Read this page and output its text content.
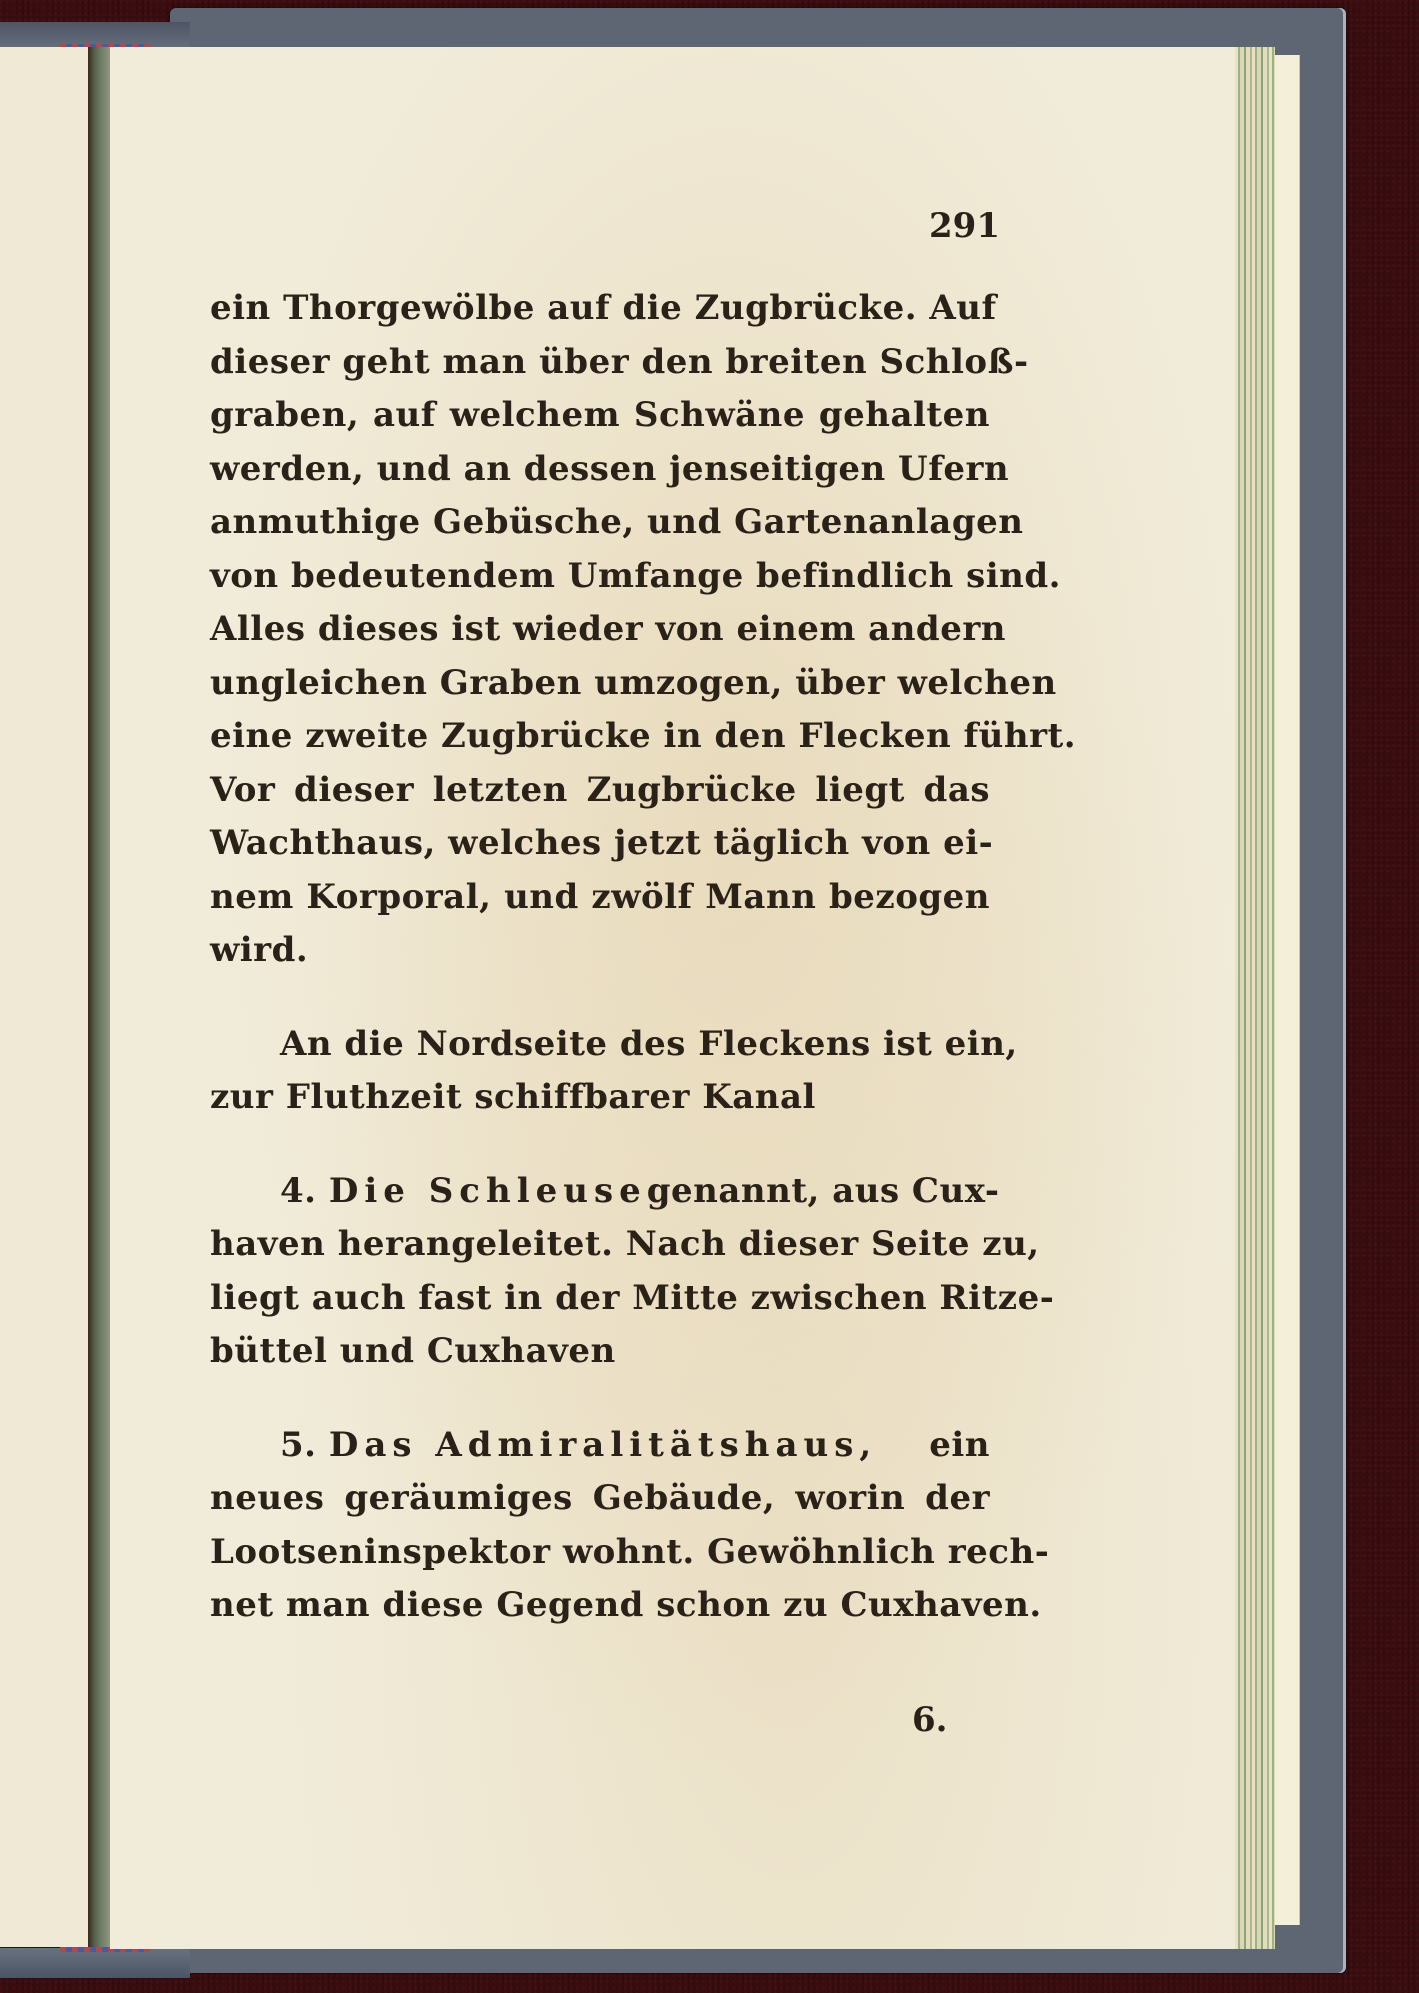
291
ein Thorgewölbe auf die Zugbrücke. Auf
dieser geht man über den breiten Schloß-
graben, auf welchem Schwäne gehalten
werden, und an dessen jenseitigen Ufern
anmuthige Gebüsche, und Gartenanlagen
von bedeutendem Umfange befindlich sind.
Alles dieses ist wieder von einem andern
ungleichen Graben umzogen, über welchen
eine zweite Zugbrücke in den Flecken führt.
Vor dieser letzten Zugbrücke liegt das
Wachthaus, welches jetzt täglich von ei-
nem Korporal, und zwölf Mann bezogen
wird.
An die Nordseite des Fleckens ist ein,
zur Fluthzeit schiffbarer Kanal
4. Die Schleuse genannt, aus Cux-
haven herangeleitet. Nach dieser Seite zu,
liegt auch fast in der Mitte zwischen Ritze-
büttel und Cuxhaven
5. Das Admiralitätshaus, ein
neues geräumiges Gebäude, worin der
Lootseninspektor wohnt. Gewöhnlich rech-
net man diese Gegend schon zu Cuxhaven.
6.
